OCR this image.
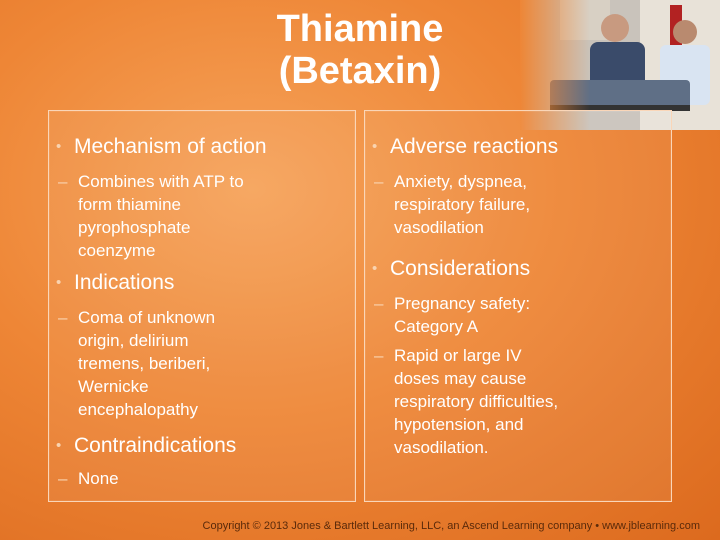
Thiamine
(Betaxin)
• Mechanism of action
– Combines with ATP to form thiamine pyrophosphate coenzyme
• Indications
– Coma of unknown origin, delirium tremens, beriberi, Wernicke encephalopathy
• Contraindications
– None
• Adverse reactions
– Anxiety, dyspnea, respiratory failure, vasodilation
• Considerations
– Pregnancy safety: Category A
– Rapid or large IV doses may cause respiratory difficulties, hypotension, and vasodilation.
Copyright © 2013 Jones & Bartlett Learning, LLC, an Ascend Learning company • www.jblearning.com
